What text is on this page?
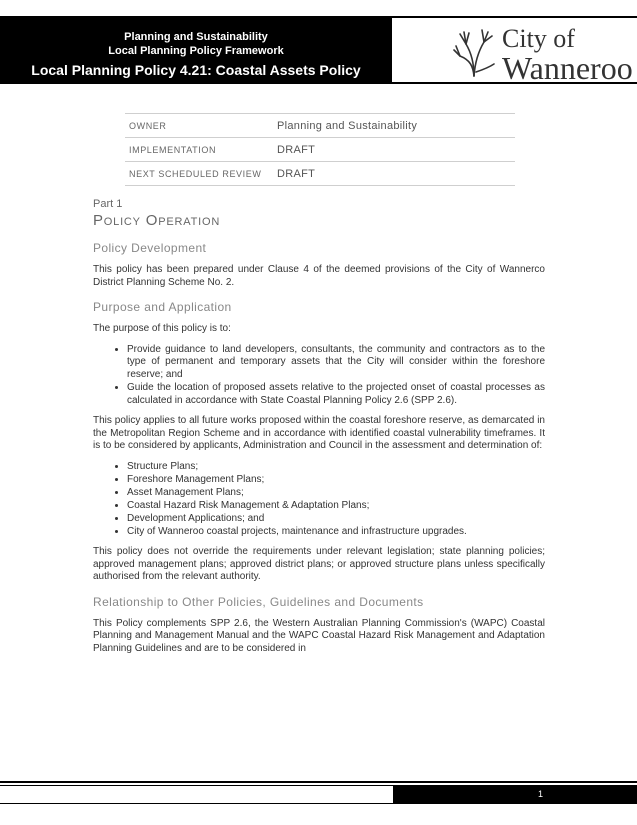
Planning and Sustainability
Local Planning Policy Framework
Local Planning Policy 4.21: Coastal Assets Policy
City of
Wanneroo
OWNER	Planning and Sustainability
IMPLEMENTATION	DRAFT
NEXT SCHEDULED REVIEW	DRAFT
Part 1
Policy Operation
Policy Development

This policy has been prepared under Clause 4 of the deemed provisions of the City of Wannerco District Planning Scheme No. 2.

Purpose and Application

The purpose of this policy is to:

• Provide guidance to land developers, consultants, the community and contractors as to the type of permanent and temporary assets that the City will consider within the foreshore reserve; and
• Guide the location of proposed assets relative to the projected onset of coastal processes as calculated in accordance with State Coastal Planning Policy 2.6 (SPP 2.6).

This policy applies to all future works proposed within the coastal foreshore reserve, as demarcated in the Metropolitan Region Scheme and in accordance with identified coastal vulnerability timeframes. It is to be considered by applicants, Administration and Council in the assessment and determination of:

• Structure Plans;
• Foreshore Management Plans;
• Asset Management Plans;
• Coastal Hazard Risk Management & Adaptation Plans;
• Development Applications; and
• City of Wanneroo coastal projects, maintenance and infrastructure upgrades.

This policy does not override the requirements under relevant legislation; state planning policies; approved management plans; approved district plans; or approved structure plans unless specifically authorised from the relevant authority.

Relationship to Other Policies, Guidelines and Documents

This Policy complements SPP 2.6, the Western Australian Planning Commission's (WAPC) Coastal Planning and Management Manual and the WAPC Coastal Hazard Risk Management and Adaptation Planning Guidelines and are to be considered in

1
